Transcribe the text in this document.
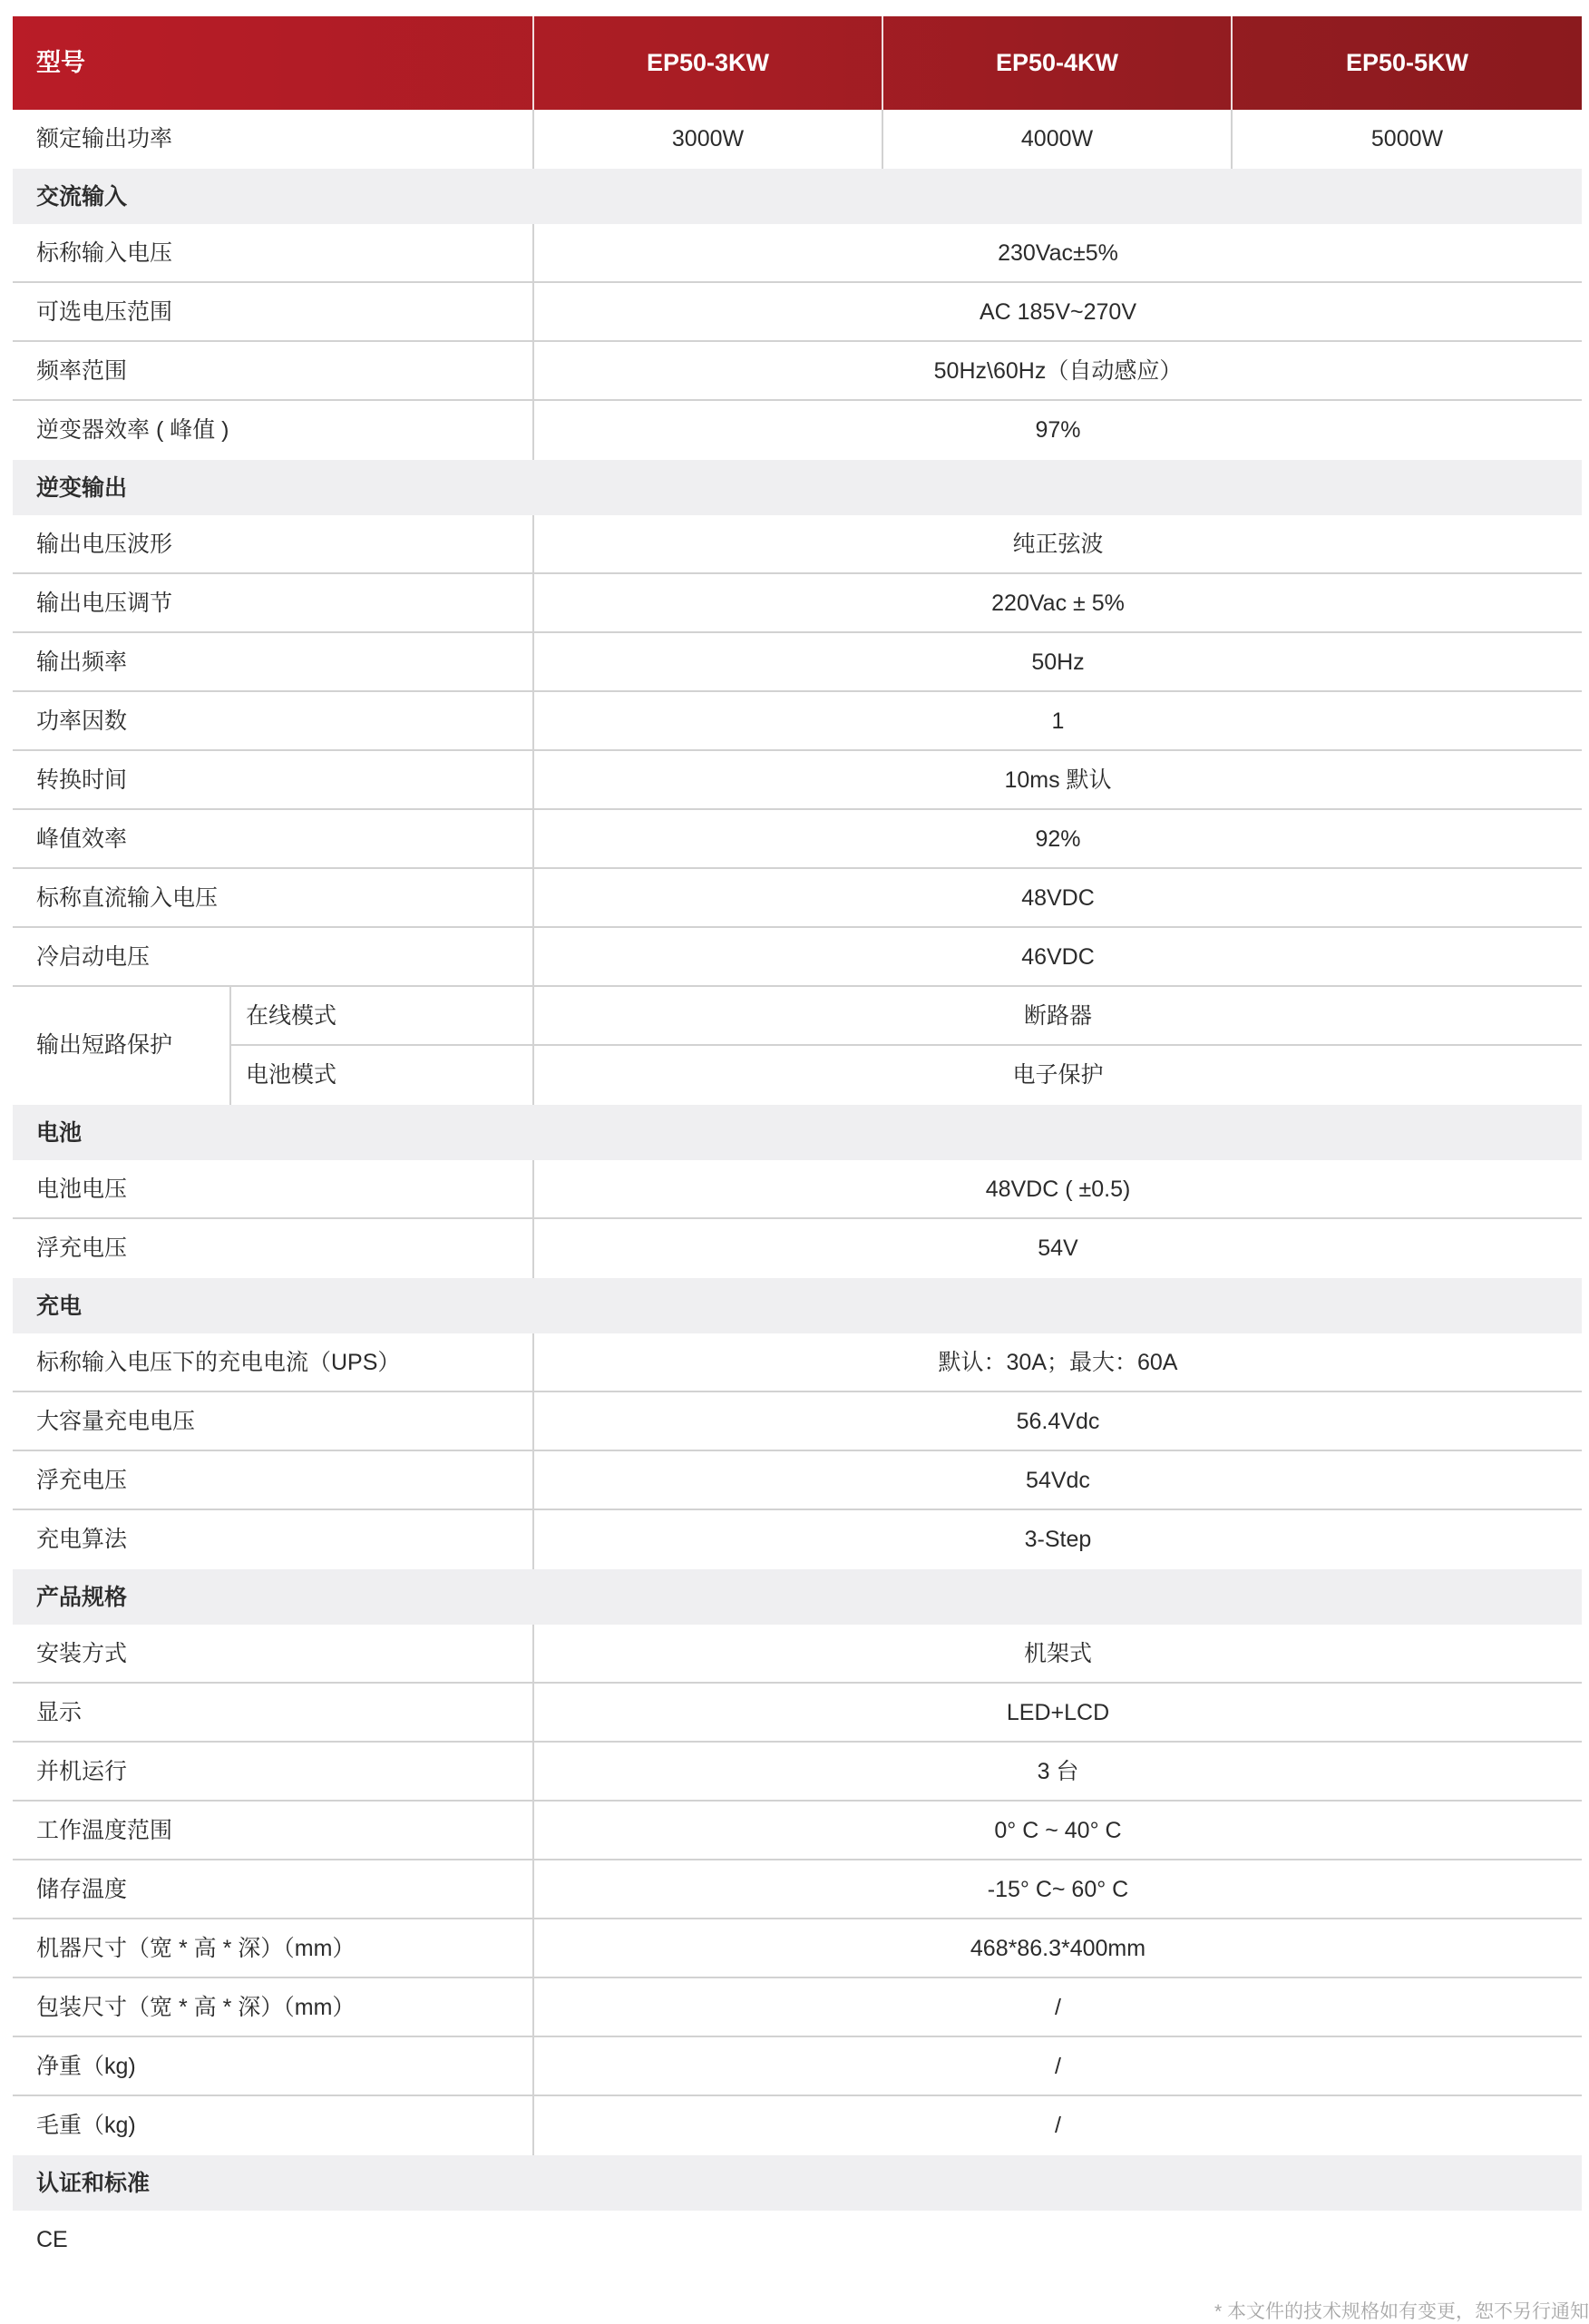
型号		EP50-3KW	EP50-4KW	EP50-5KW
额定输出功率		3000W	4000W	5000W
交流输入				
标称输入电压		230Vac±5%		
可选电压范围		AC 185V~270V		
频率范围		50Hz\60Hz（自动感应）		
逆变器效率 ( 峰值 )		97%		
逆变输出				
输出电压波形		纯正弦波		
输出电压调节		220Vac ± 5%		
输出频率		50Hz		
功率因数		1		
转换时间		10ms 默认		
峰值效率		92%		
标称直流输入电压		48VDC		
冷启动电压		46VDC		
输出短路保护	在线模式	断路器		
	电池模式	电子保护		
电池				
电池电压		48VDC ( ±0.5)		
浮充电压		54V		
充电				
标称输入电压下的充电电流（UPS）		默认：30A；最大：60A		
大容量充电电压		56.4Vdc		
浮充电压		54Vdc		
充电算法		3-Step		
产品规格				
安装方式		机架式		
显示		LED+LCD		
并机运行		3 台		
工作温度范围		0° C ~ 40° C		
储存温度		-15° C~ 60° C		
机器尺寸（宽 * 高 * 深）（mm）		468*86.3*400mm		
包装尺寸（宽 * 高 * 深）（mm）		/		
净重（kg)		/		
毛重（kg)		/		
认证和标准				
CE				
* 本文件的技术规格如有变更，恕不另行通知
